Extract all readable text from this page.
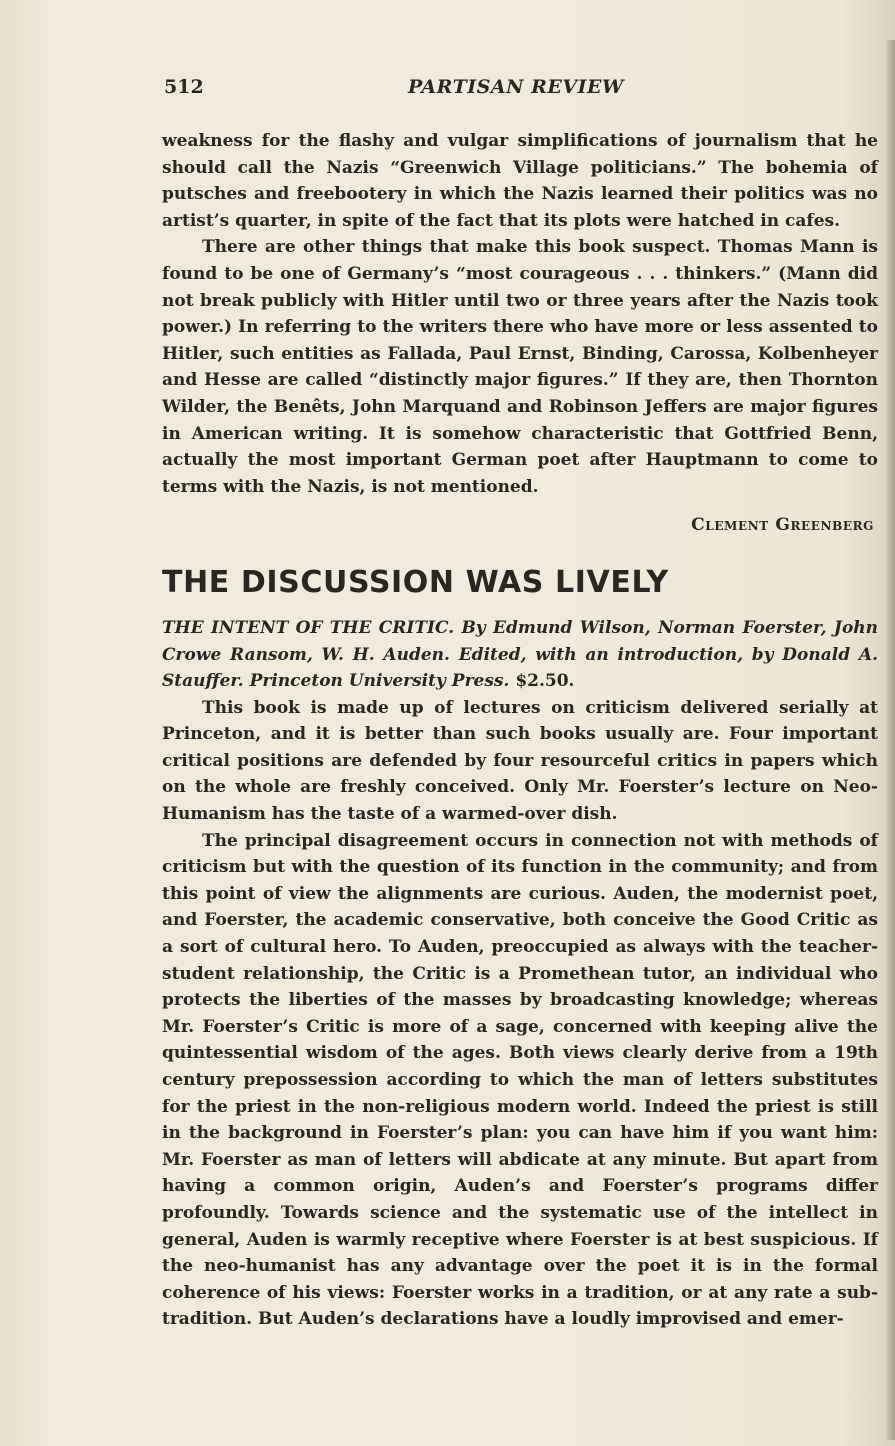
512	PARTISAN REVIEW

weakness for the flashy and vulgar simplifications of journalism that he should call the Nazis “Greenwich Village politicians.” The bohemia of putsches and freebootery in which the Nazis learned their politics was no artist’s quarter, in spite of the fact that its plots were hatched in cafes.

There are other things that make this book suspect. Thomas Mann is found to be one of Germany’s “most courageous . . . thinkers.” (Mann did not break publicly with Hitler until two or three years after the Nazis took power.) In referring to the writers there who have more or less assented to Hitler, such entities as Fallada, Paul Ernst, Binding, Carossa, Kolbenheyer and Hesse are called “distinctly major figures.” If they are, then Thornton Wilder, the Benêts, John Marquand and Robinson Jeffers are major figures in American writing. It is somehow characteristic that Gottfried Benn, actually the most important German poet after Hauptmann to come to terms with the Nazis, is not mentioned.

Clement Greenberg
THE DISCUSSION WAS LIVELY

THE INTENT OF THE CRITIC. By Edmund Wilson, Norman Foerster, John Crowe Ransom, W. H. Auden. Edited, with an introduction, by Donald A. Stauffer. Princeton University Press. $2.50.

This book is made up of lectures on criticism delivered serially at Princeton, and it is better than such books usually are. Four important critical positions are defended by four resourceful critics in papers which on the whole are freshly conceived. Only Mr. Foerster’s lecture on Neo-Humanism has the taste of a warmed-over dish.

The principal disagreement occurs in connection not with methods of criticism but with the question of its function in the community; and from this point of view the alignments are curious. Auden, the modernist poet, and Foerster, the academic conservative, both conceive the Good Critic as a sort of cultural hero. To Auden, preoccupied as always with the teacher-student relationship, the Critic is a Promethean tutor, an individual who protects the liberties of the masses by broadcasting knowledge; whereas Mr. Foerster’s Critic is more of a sage, concerned with keeping alive the quintessential wisdom of the ages. Both views clearly derive from a 19th century prepossession according to which the man of letters substitutes for the priest in the non-religious modern world. Indeed the priest is still in the background in Foerster’s plan: you can have him if you want him: Mr. Foerster as man of letters will abdicate at any minute. But apart from having a common origin, Auden’s and Foerster’s programs differ profoundly. Towards science and the systematic use of the intellect in general, Auden is warmly receptive where Foerster is at best suspicious. If the neo-humanist has any advantage over the poet it is in the formal coherence of his views: Foerster works in a tradition, or at any rate a sub-tradition. But Auden’s declarations have a loudly improvised and emer-
